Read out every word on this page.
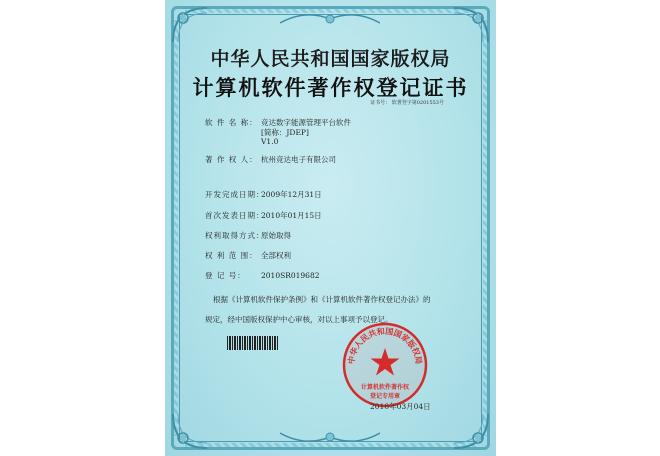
中华人民共和国国家版权局
计算机软件著作权登记证书
证书号： 软著登字第0201553号
软 件 名 称： 竞达数字能源管理平台软件
[简称：JDEP]
V1.0
著 作 权 人： 杭州竞达电子有限公司
开发完成日期：2009年12月31日
首次发表日期：2010年01月15日
权利取得方式：原始取得
权 利 范 围： 全部权利
登 记 号： 2010SR019682
根据《计算机软件保护条例》和《计算机软件著作权登记办法》的
规定，经中国版权保护中心审核，对以上事项予以登记。
中华人民共和国国家版权局
计算机软件著作权
登记专用章
2010年03月04日
